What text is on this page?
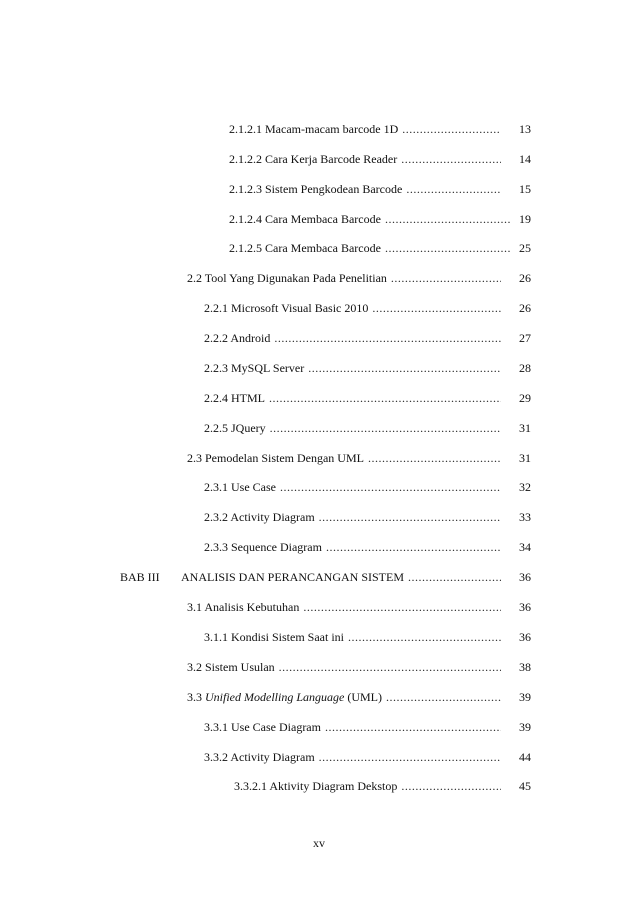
2.1.2.1 Macam-macam barcode 1D .....	13
2.1.2.2 Cara Kerja Barcode Reader .....	14
2.1.2.3 Sistem Pengkodean Barcode .....	15
2.1.2.4 Cara Membaca Barcode .....	19
2.1.2.5 Cara Membaca Barcode .....	25
2.2 Tool Yang Digunakan Pada Penelitian .....	26
2.2.1 Microsoft Visual Basic 2010 .....	26
2.2.2 Android .....	27
2.2.3 MySQL Server .....	28
2.2.4 HTML .....	29
2.2.5 JQuery .....	31
2.3 Pemodelan Sistem Dengan UML .....	31
2.3.1 Use Case .....	32
2.3.2 Activity Diagram .....	33
2.3.3 Sequence Diagram .....	34
BAB III ANALISIS DAN PERANCANGAN SISTEM .....	36
3.1 Analisis Kebutuhan .....	36
3.1.1 Kondisi Sistem Saat ini .....	36
3.2 Sistem Usulan .....	38
3.3 Unified Modelling Language (UML) .....	39
3.3.1 Use Case Diagram .....	39
3.3.2 Activity Diagram .....	44
3.3.2.1 Aktivity Diagram Dekstop .....	45
xv
